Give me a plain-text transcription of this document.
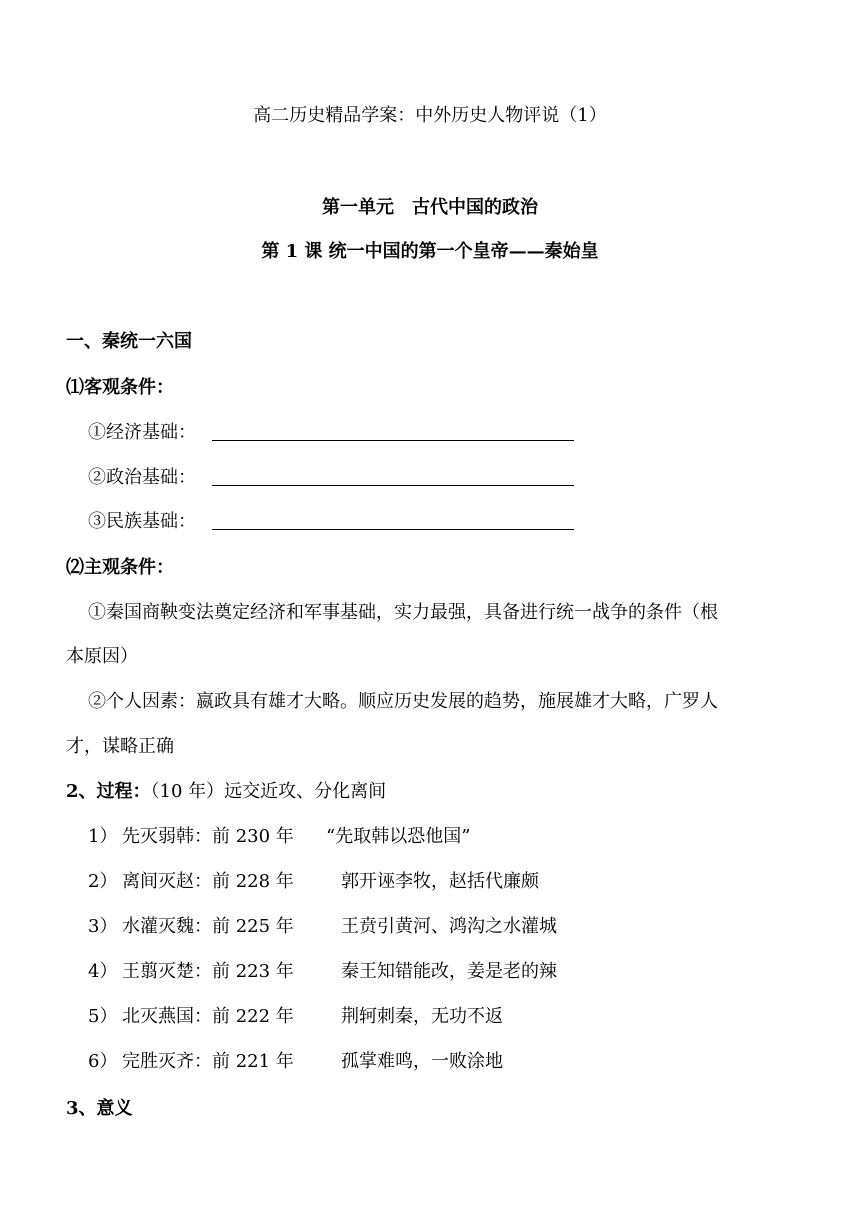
高二历史精品学案：中外历史人物评说（1）
第一单元　古代中国的政治
第 1 课 统一中国的第一个皇帝——秦始皇
一、秦统一六国
⑴客观条件：
①经济基础：
②政治基础：
③民族基础：
⑵主观条件：
①秦国商鞅变法奠定经济和军事基础，实力最强，具备进行统一战争的条件（根
本原因）
②个人因素：嬴政具有雄才大略。顺应历史发展的趋势，施展雄才大略，广罗人
才，谋略正确
2、过程：（10 年）远交近攻、分化离间
1） 先灭弱韩：前 230 年 “先取韩以恐他国”
2） 离间灭赵：前 228 年	郭开诬李牧，赵括代廉颇
3） 水灌灭魏：前 225 年	王贲引黄河、鸿沟之水灌城
4） 王翦灭楚：前 223 年	秦王知错能改，姜是老的辣
5） 北灭燕国：前 222 年	荆轲刺秦，无功不返
6） 完胜灭齐：前 221 年	孤掌难鸣，一败涂地
3、意义
